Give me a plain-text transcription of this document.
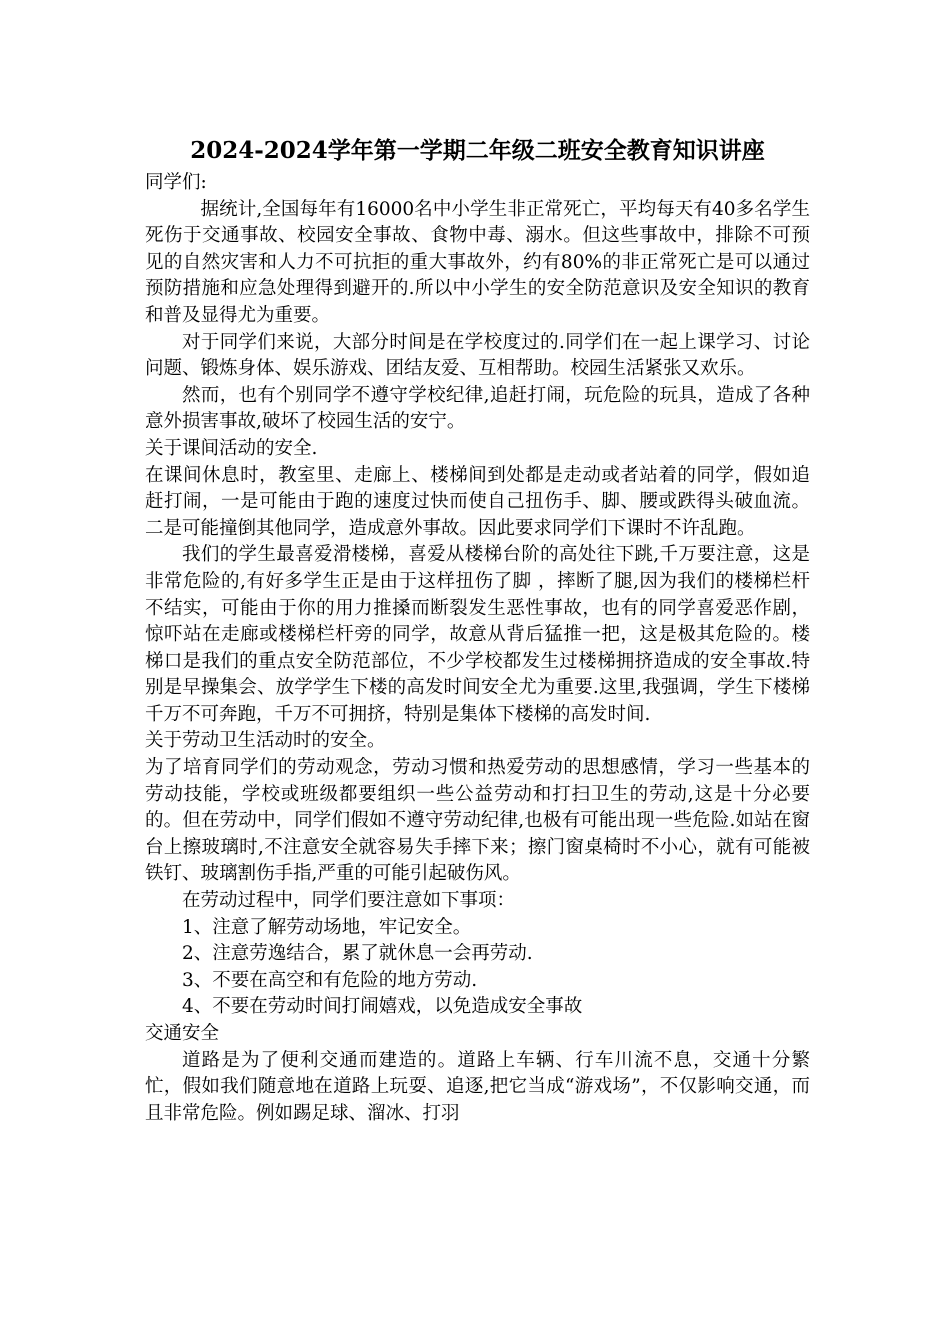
2024-2024学年第一学期二年级二班安全教育知识讲座

同学们:

据统计,全国每年有16000名中小学生非正常死亡，平均每天有40多名学生死伤于交通事故、校园安全事故、食物中毒、溺水。但这些事故中，排除不可预见的自然灾害和人力不可抗拒的重大事故外，约有80%的非正常死亡是可以通过预防措施和应急处理得到避开的.所以中小学生的安全防范意识及安全知识的教育和普及显得尤为重要。

对于同学们来说，大部分时间是在学校度过的.同学们在一起上课学习、讨论问题、锻炼身体、娱乐游戏、团结友爱、互相帮助。校园生活紧张又欢乐。

然而，也有个别同学不遵守学校纪律,追赶打闹，玩危险的玩具，造成了各种意外损害事故,破坏了校园生活的安宁。

关于课间活动的安全.

在课间休息时，教室里、走廊上、楼梯间到处都是走动或者站着的同学，假如追赶打闹，一是可能由于跑的速度过快而使自己扭伤手、脚、腰或跌得头破血流。二是可能撞倒其他同学，造成意外事故。因此要求同学们下课时不许乱跑。

我们的学生最喜爱滑楼梯，喜爱从楼梯台阶的高处往下跳,千万要注意，这是非常危险的,有好多学生正是由于这样扭伤了脚 ，摔断了腿,因为我们的楼梯栏杆不结实，可能由于你的用力推搡而断裂发生恶性事故，也有的同学喜爱恶作剧，惊吓站在走廊或楼梯栏杆旁的同学，故意从背后猛推一把，这是极其危险的。楼梯口是我们的重点安全防范部位，不少学校都发生过楼梯拥挤造成的安全事故.特别是早操集会、放学学生下楼的高发时间安全尤为重要.这里,我强调，学生下楼梯千万不可奔跑，千万不可拥挤，特别是集体下楼梯的高发时间.

关于劳动卫生活动时的安全。

为了培育同学们的劳动观念，劳动习惯和热爱劳动的思想感情，学习一些基本的劳动技能，学校或班级都要组织一些公益劳动和打扫卫生的劳动,这是十分必要的。但在劳动中，同学们假如不遵守劳动纪律,也极有可能出现一些危险.如站在窗台上擦玻璃时,不注意安全就容易失手摔下来；擦门窗桌椅时不小心，就有可能被铁钉、玻璃割伤手指,严重的可能引起破伤风。

在劳动过程中，同学们要注意如下事项：

1、注意了解劳动场地，牢记安全。

2、注意劳逸结合，累了就休息一会再劳动.

3、不要在高空和有危险的地方劳动.

4、不要在劳动时间打闹嬉戏，以免造成安全事故

交通安全

道路是为了便利交通而建造的。道路上车辆、行车川流不息，交通十分繁忙，假如我们随意地在道路上玩耍、追逐,把它当成“游戏场”，不仅影响交通，而且非常危险。例如踢足球、溜冰、打羽
